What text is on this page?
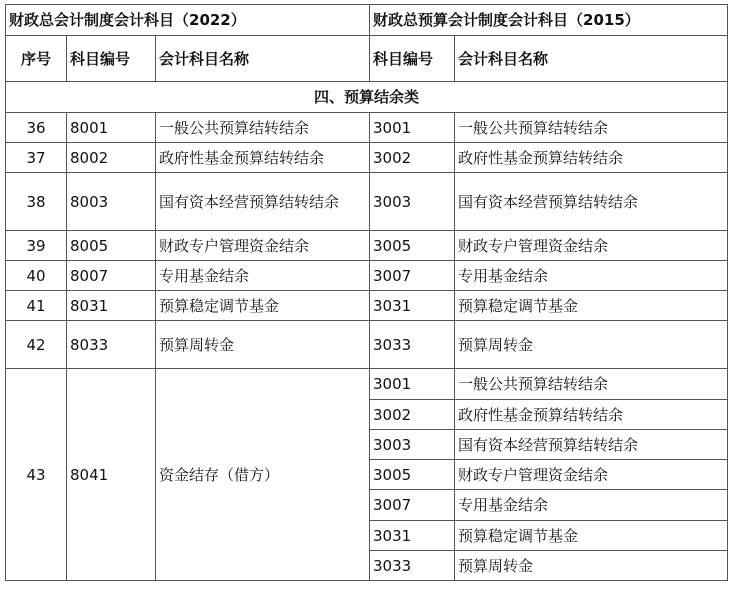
财政总会计制度会计科目（2022）			财政总预算会计制度会计科目（2015）	
序号	科目编号	会计科目名称	科目编号	会计科目名称
四、预算结余类				
36	8001	一般公共预算结转结余	3001	一般公共预算结转结余
37	8002	政府性基金预算结转结余	3002	政府性基金预算结转结余
38	8003	国有资本经营预算结转结余	3003	国有资本经营预算结转结余
39	8005	财政专户管理资金结余	3005	财政专户管理资金结余
40	8007	专用基金结余	3007	专用基金结余
41	8031	预算稳定调节基金	3031	预算稳定调节基金
42	8033	预算周转金	3033	预算周转金
43	8041	资金结存（借方）	3001	一般公共预算结转结余
			3002	政府性基金预算结转结余
			3003	国有资本经营预算结转结余
			3005	财政专户管理资金结余
			3007	专用基金结余
			3031	预算稳定调节基金
			3033	预算周转金
